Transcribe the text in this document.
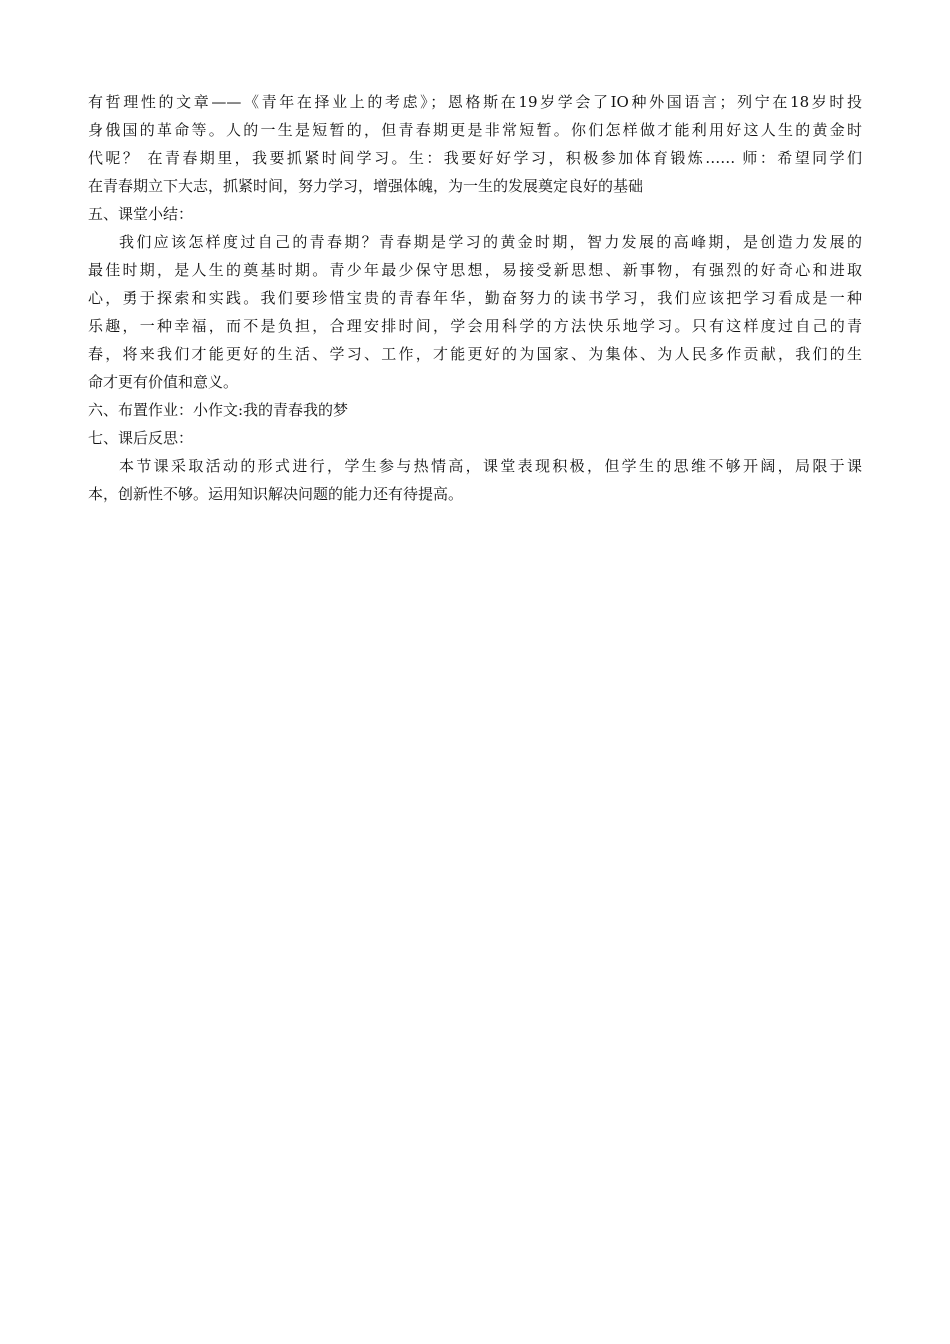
有哲理性的文章——《青年在择业上的考虑》；恩格斯在19岁学会了IO种外国语言；列宁在18岁时投
身俄国的革命等。人的一生是短暂的，但青春期更是非常短暂。你们怎样做才能利用好这人生的黄金时
代呢？ 在青春期里，我要抓紧时间学习。生：我要好好学习，积极参加体育锻炼…… 师：希望同学们
在青春期立下大志，抓紧时间，努力学习，增强体魄，为一生的发展奠定良好的基础
五、课堂小结：
我们应该怎样度过自己的青春期？青春期是学习的黄金时期，智力发展的高峰期，是创造力发展的
最佳时期，是人生的奠基时期。青少年最少保守思想，易接受新思想、新事物，有强烈的好奇心和进取
心，勇于探索和实践。我们要珍惜宝贵的青春年华，勤奋努力的读书学习，我们应该把学习看成是一种
乐趣，一种幸福，而不是负担，合理安排时间，学会用科学的方法快乐地学习。只有这样度过自己的青
春，将来我们才能更好的生活、学习、工作，才能更好的为国家、为集体、为人民多作贡献，我们的生
命才更有价值和意义。
六、布置作业：小作文:我的青春我的梦
七、课后反思：
本节课采取活动的形式进行，学生参与热情高，课堂表现积极，但学生的思维不够开阔，局限于课
本，创新性不够。运用知识解决问题的能力还有待提高。
